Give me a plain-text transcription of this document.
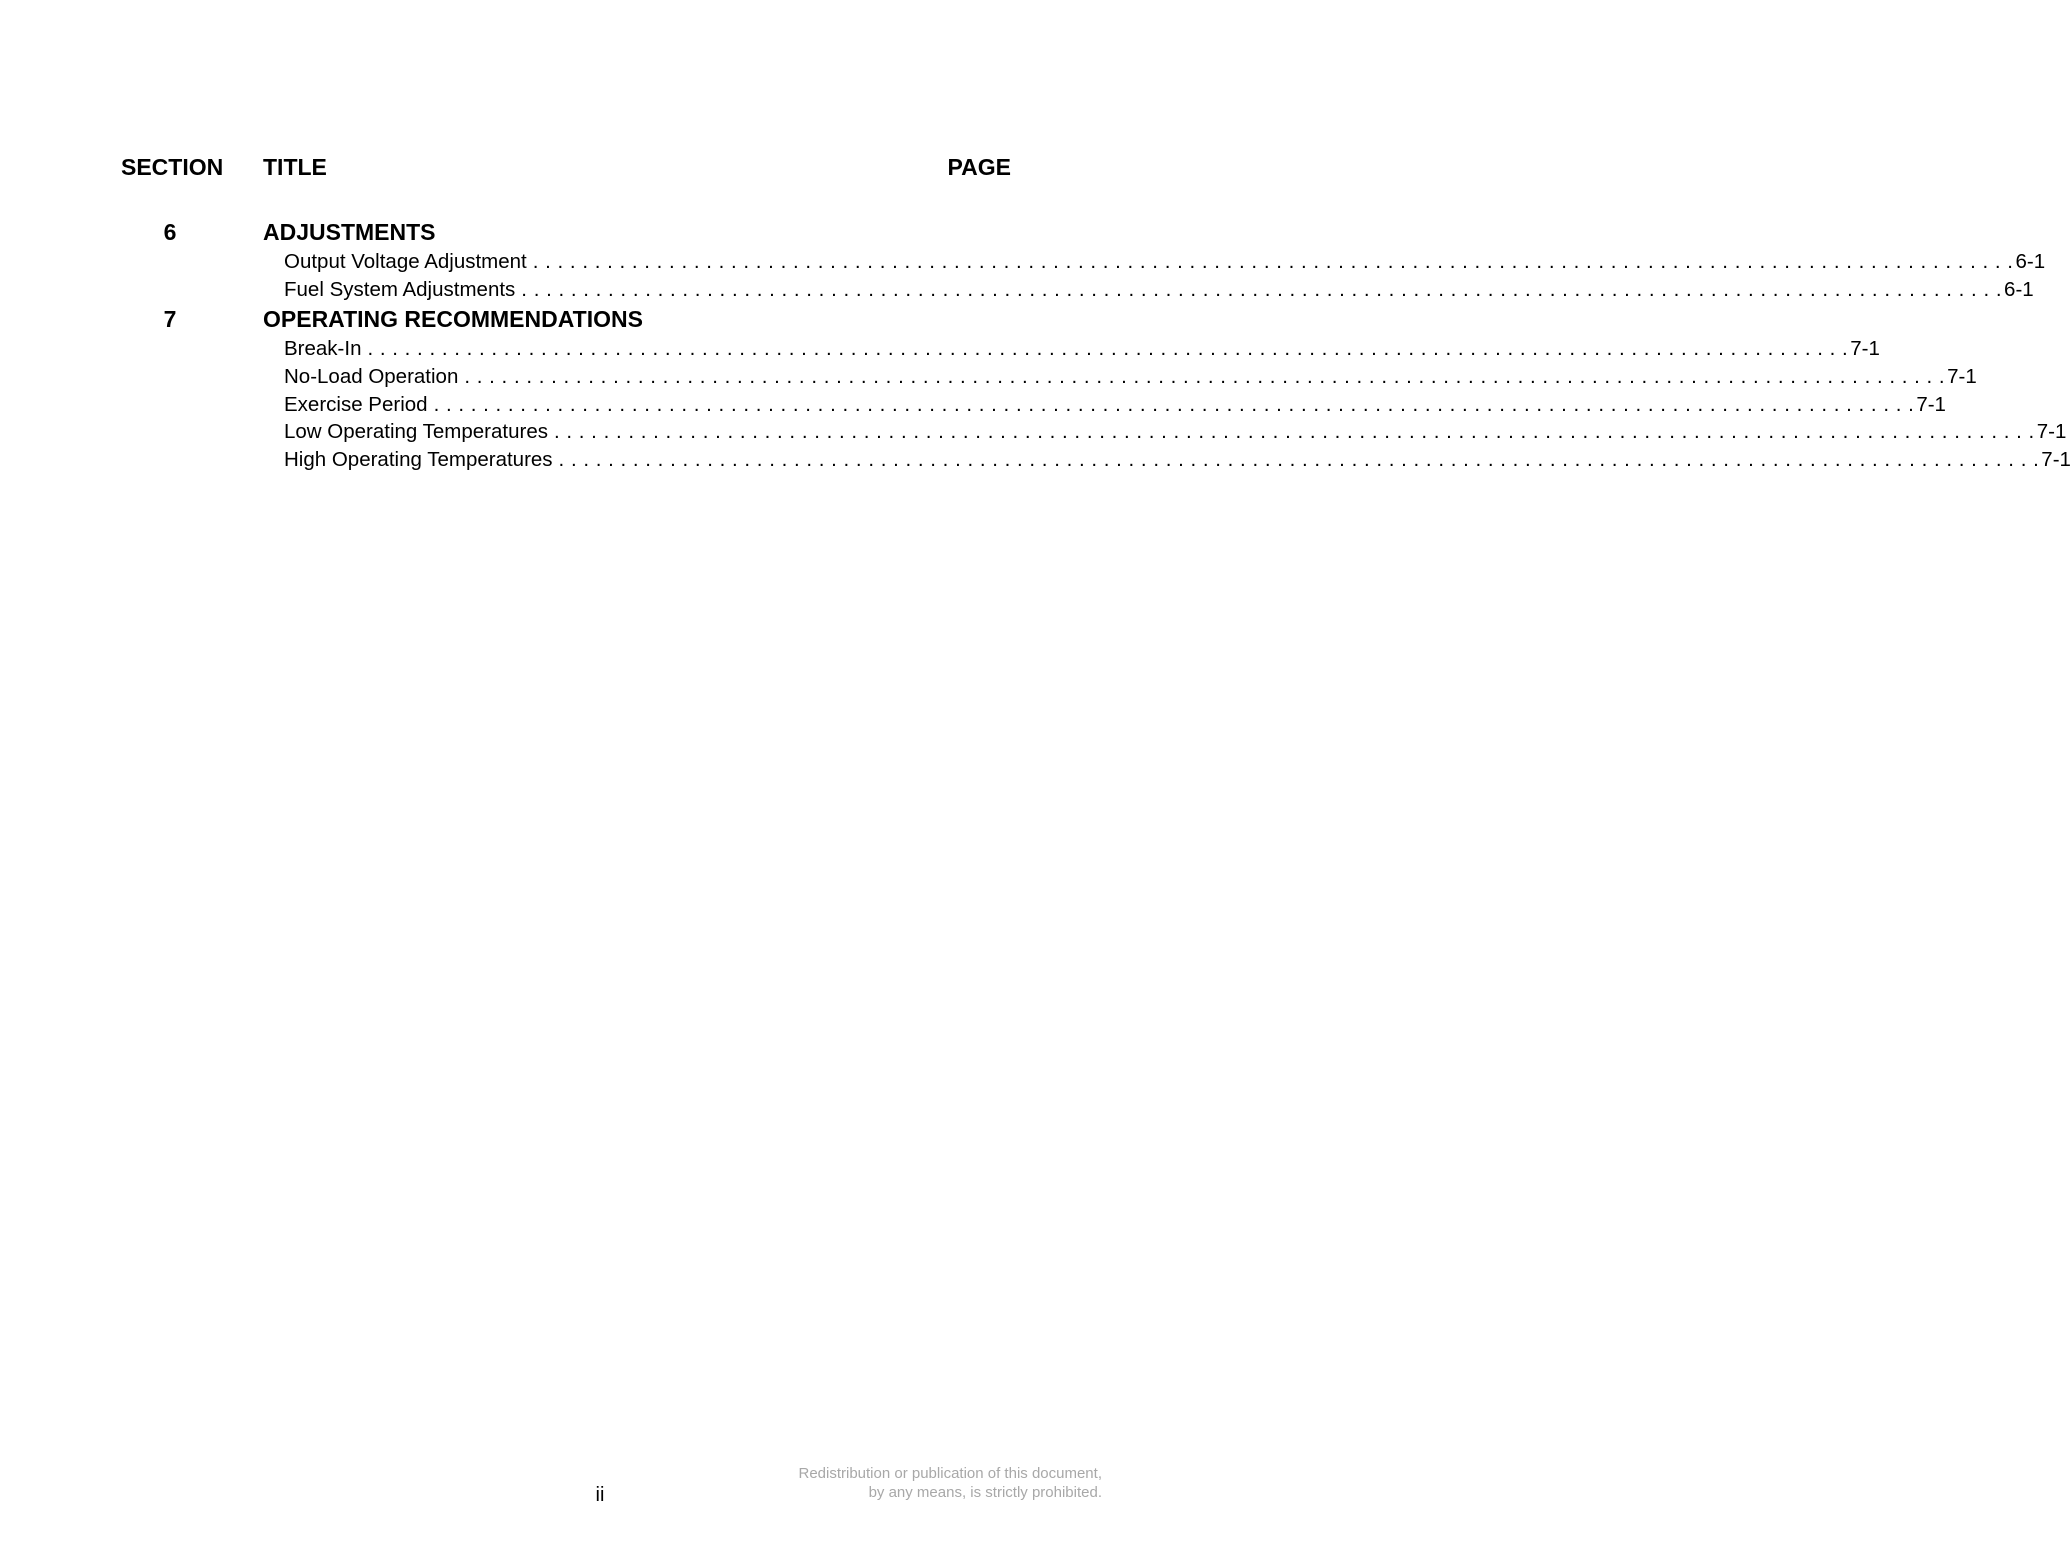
SECTION TITLE	PAGE
6	ADJUSTMENTS
Output Voltage Adjustment . . . . . . . . . . . . . . . . . . . . . . . . . . . . . . . . . . . . . . . . . . . . . . . . . . . . . . . . . . . . . . . . . . . . . . . . . . . . . . . . . . . . . . . . . . . . . . . . . . . . . . . . . . . . . . . . . . . . . . . . 6-1
Fuel System Adjustments . . . . . . . . . . . . . . . . . . . . . . . . . . . . . . . . . . . . . . . . . . . . . . . . . . . . . . . . . . . . . . . . . . . . . . . . . . . . . . . . . . . . . . . . . . . . . . . . . . . . . . . . . . . . . . . . . . . . . . . . 6-1
7	OPERATING RECOMMENDATIONS
Break-In . . . . . . . . . . . . . . . . . . . . . . . . . . . . . . . . . . . . . . . . . . . . . . . . . . . . . . . . . . . . . . . . . . . . . . . . . . . . . . . . . . . . . . . . . . . . . . . . . . . . . . . . . . . . . . . . . . . . . . . . 7-1
No-Load Operation . . . . . . . . . . . . . . . . . . . . . . . . . . . . . . . . . . . . . . . . . . . . . . . . . . . . . . . . . . . . . . . . . . . . . . . . . . . . . . . . . . . . . . . . . . . . . . . . . . . . . . . . . . . . . . . . . . . . . . . . 7-1
Exercise Period . . . . . . . . . . . . . . . . . . . . . . . . . . . . . . . . . . . . . . . . . . . . . . . . . . . . . . . . . . . . . . . . . . . . . . . . . . . . . . . . . . . . . . . . . . . . . . . . . . . . . . . . . . . . . . . . . . . . . . . . 7-1
Low Operating Temperatures . . . . . . . . . . . . . . . . . . . . . . . . . . . . . . . . . . . . . . . . . . . . . . . . . . . . . . . . . . . . . . . . . . . . . . . . . . . . . . . . . . . . . . . . . . . . . . . . . . . . . . . . . . . . . . . . . . . . . . . . 7-1
High Operating Temperatures . . . . . . . . . . . . . . . . . . . . . . . . . . . . . . . . . . . . . . . . . . . . . . . . . . . . . . . . . . . . . . . . . . . . . . . . . . . . . . . . . . . . . . . . . . . . . . . . . . . . . . . . . . . . . . . . . . . . . . . . 7-1
ii
Redistribution or publication of this document,
by any means, is strictly prohibited.
